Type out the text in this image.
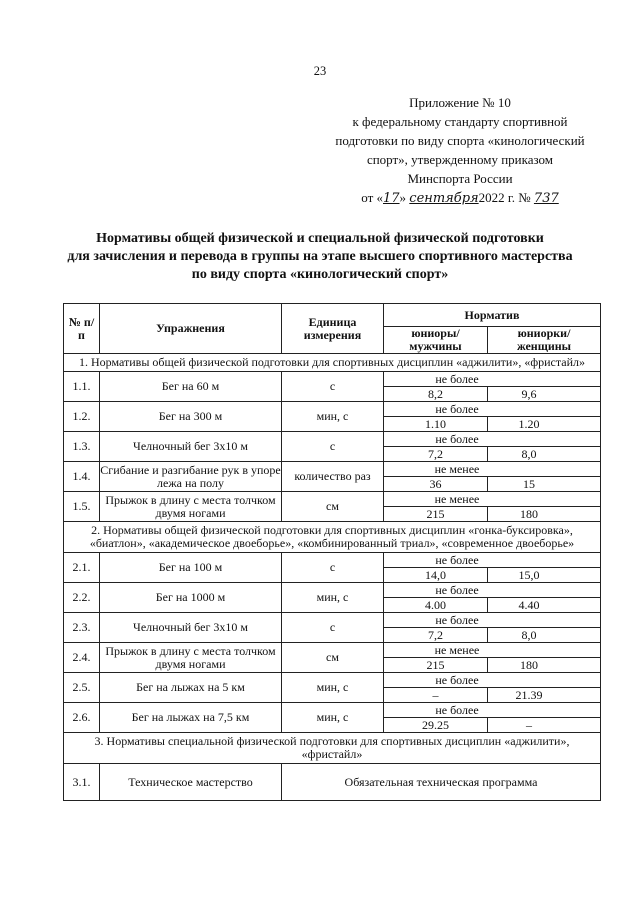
23
Приложение № 10
к федеральному стандарту спортивной
подготовки по виду спорта «кинологический
спорт», утвержденному приказом
Минспорта России
от «17» сентября2022 г. № 737
Нормативы общей физической и специальной физической подготовки
для зачисления и перевода в группы на этапе высшего спортивного мастерства
по виду спорта «кинологический спорт»
№ п/п	Упражнения	Единица измерения	Норматив	
			юниоры/ мужчины	юниорки/ женщины
1. Нормативы общей физической подготовки для спортивных дисциплин «аджилити», «фристайл»				
1.1.	Бег на 60 м	с	не более	
			8,2	9,6
1.2.	Бег на 300 м	мин, с	не более	
			1.10	1.20
1.3.	Челночный бег 3х10 м	с	не более	
			7,2	8,0
1.4.	Сгибание и разгибание рук в упоре лежа на полу	количество раз	не менее	
			36	15
1.5.	Прыжок в длину с места толчком двумя ногами	см	не менее	
			215	180
2. Нормативы общей физической подготовки для спортивных дисциплин «гонка-буксировка», «биатлон», «академическое двоеборье», «комбинированный триал», «современное двоеборье»				
2.1.	Бег на 100 м	с	не более	
			14,0	15,0
2.2.	Бег на 1000 м	мин, с	не более	
			4.00	4.40
2.3.	Челночный бег 3х10 м	с	не более	
			7,2	8,0
2.4.	Прыжок в длину с места толчком двумя ногами	см	не менее	
			215	180
2.5.	Бег на лыжах на 5 км	мин, с	не более	
			–	21.39
2.6.	Бег на лыжах на 7,5 км	мин, с	не более	
			29.25	–
3. Нормативы специальной физической подготовки для спортивных дисциплин «аджилити», «фристайл»				
3.1.	Техническое мастерство	Обязательная техническая программа		
